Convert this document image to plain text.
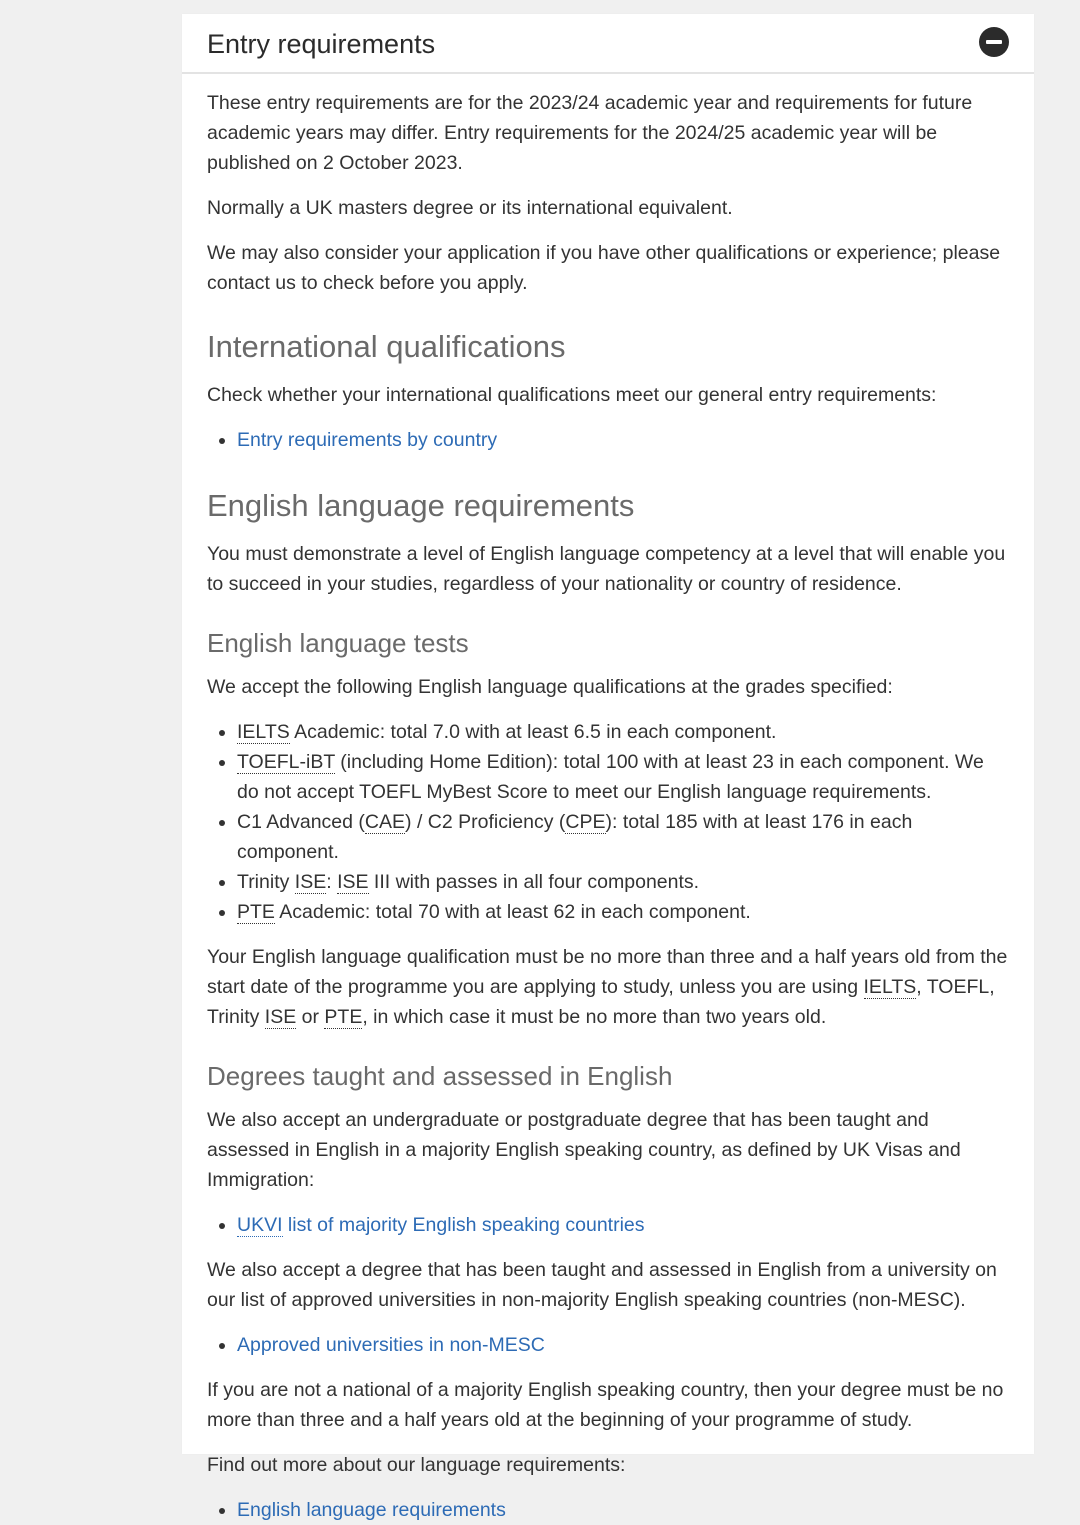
Entry requirements

These entry requirements are for the 2023/24 academic year and requirements for future academic years may differ. Entry requirements for the 2024/25 academic year will be published on 2 October 2023.

Normally a UK masters degree or its international equivalent.

We may also consider your application if you have other qualifications or experience; please contact us to check before you apply.

International qualifications

Check whether your international qualifications meet our general entry requirements:

• Entry requirements by country
English language requirements

You must demonstrate a level of English language competency at a level that will enable you to succeed in your studies, regardless of your nationality or country of residence.

English language tests

We accept the following English language qualifications at the grades specified:

• IELTS Academic: total 7.0 with at least 6.5 in each component.
• TOEFL-iBT (including Home Edition): total 100 with at least 23 in each component. We do not accept TOEFL MyBest Score to meet our English language requirements.
• C1 Advanced (CAE) / C2 Proficiency (CPE): total 185 with at least 176 in each component.
• Trinity ISE: ISE III with passes in all four components.
• PTE Academic: total 70 with at least 62 in each component.

Your English language qualification must be no more than three and a half years old from the start date of the programme you are applying to study, unless you are using IELTS, TOEFL, Trinity ISE or PTE, in which case it must be no more than two years old.

Degrees taught and assessed in English

We also accept an undergraduate or postgraduate degree that has been taught and assessed in English in a majority English speaking country, as defined by UK Visas and Immigration:

• UKVI list of majority English speaking countries

We also accept a degree that has been taught and assessed in English from a university on our list of approved universities in non-majority English speaking countries (non-MESC).

• Approved universities in non-MESC

If you are not a national of a majority English speaking country, then your degree must be no more than three and a half years old at the beginning of your programme of study.

Find out more about our language requirements:

• English language requirements
